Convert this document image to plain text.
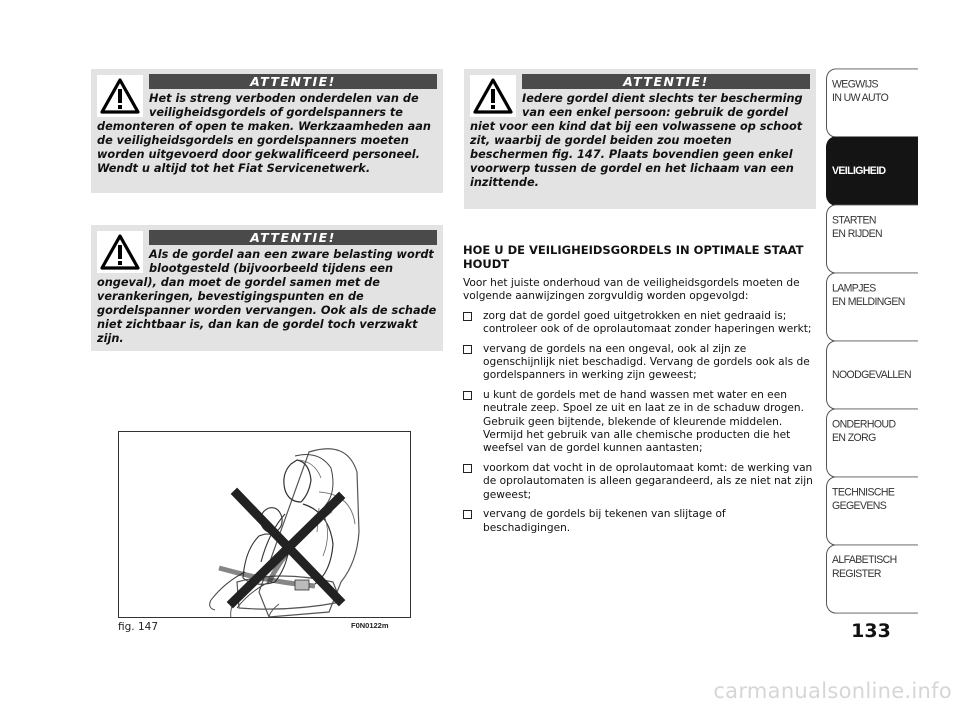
ATTENTIE!
Het is streng verboden onderdelen van de veiligheidsgordels of gordelspanners te demonteren of open te maken. Werkzaamheden aan de veiligheidsgordels en gordelspanners moeten worden uitgevoerd door gekwalificeerd personeel. Wendt u altijd tot het Fiat Servicenetwerk.
ATTENTIE!
Als de gordel aan een zware belasting wordt blootgesteld (bijvoorbeeld tijdens een ongeval), dan moet de gordel samen met de verankeringen, bevestigingspunten en de gordelspanner worden vervangen. Ook als de schade niet zichtbaar is, dan kan de gordel toch verzwakt zijn.
ATTENTIE!
Iedere gordel dient slechts ter bescherming van een enkel persoon: gebruik de gordel niet voor een kind dat bij een volwassene op schoot zit, waarbij de gordel beiden zou moeten beschermen fig. 147. Plaats bovendien geen enkel voorwerp tussen de gordel en het lichaam van een inzittende.
HOE U DE VEILIGHEIDSGORDELS IN OPTIMALE STAAT HOUDT

Voor het juiste onderhoud van de veiligheidsgordels moeten de volgende aanwijzingen zorgvuldig worden opgevolgd:

zorg dat de gordel goed uitgetrokken en niet gedraaid is; controleer ook of de oprolautomaat zonder haperingen werkt;
vervang de gordels na een ongeval, ook al zijn ze ogenschijnlijk niet beschadigd. Vervang de gordels ook als de gordelspanners in werking zijn geweest;
u kunt de gordels met de hand wassen met water en een neutrale zeep. Spoel ze uit en laat ze in de schaduw drogen. Gebruik geen bijtende, blekende of kleurende middelen. Vermijd het gebruik van alle chemische producten die het weefsel van de gordel kunnen aantasten;
voorkom dat vocht in de oprolautomaat komt: de werking van de oprolautomaten is alleen gegarandeerd, als ze niet nat zijn geweest;
vervang de gordels bij tekenen van slijtage of beschadigingen.
fig. 147	F0N0122m
WEGWIJS
IN UW AUTO
VEILIGHEID
STARTEN
EN RIJDEN
LAMPJES
EN MELDINGEN
NOODGEVALLEN
ONDERHOUD
EN ZORG
TECHNISCHE
GEGEVENS
ALFABETISCH
REGISTER
133
carmanualsonline.info
